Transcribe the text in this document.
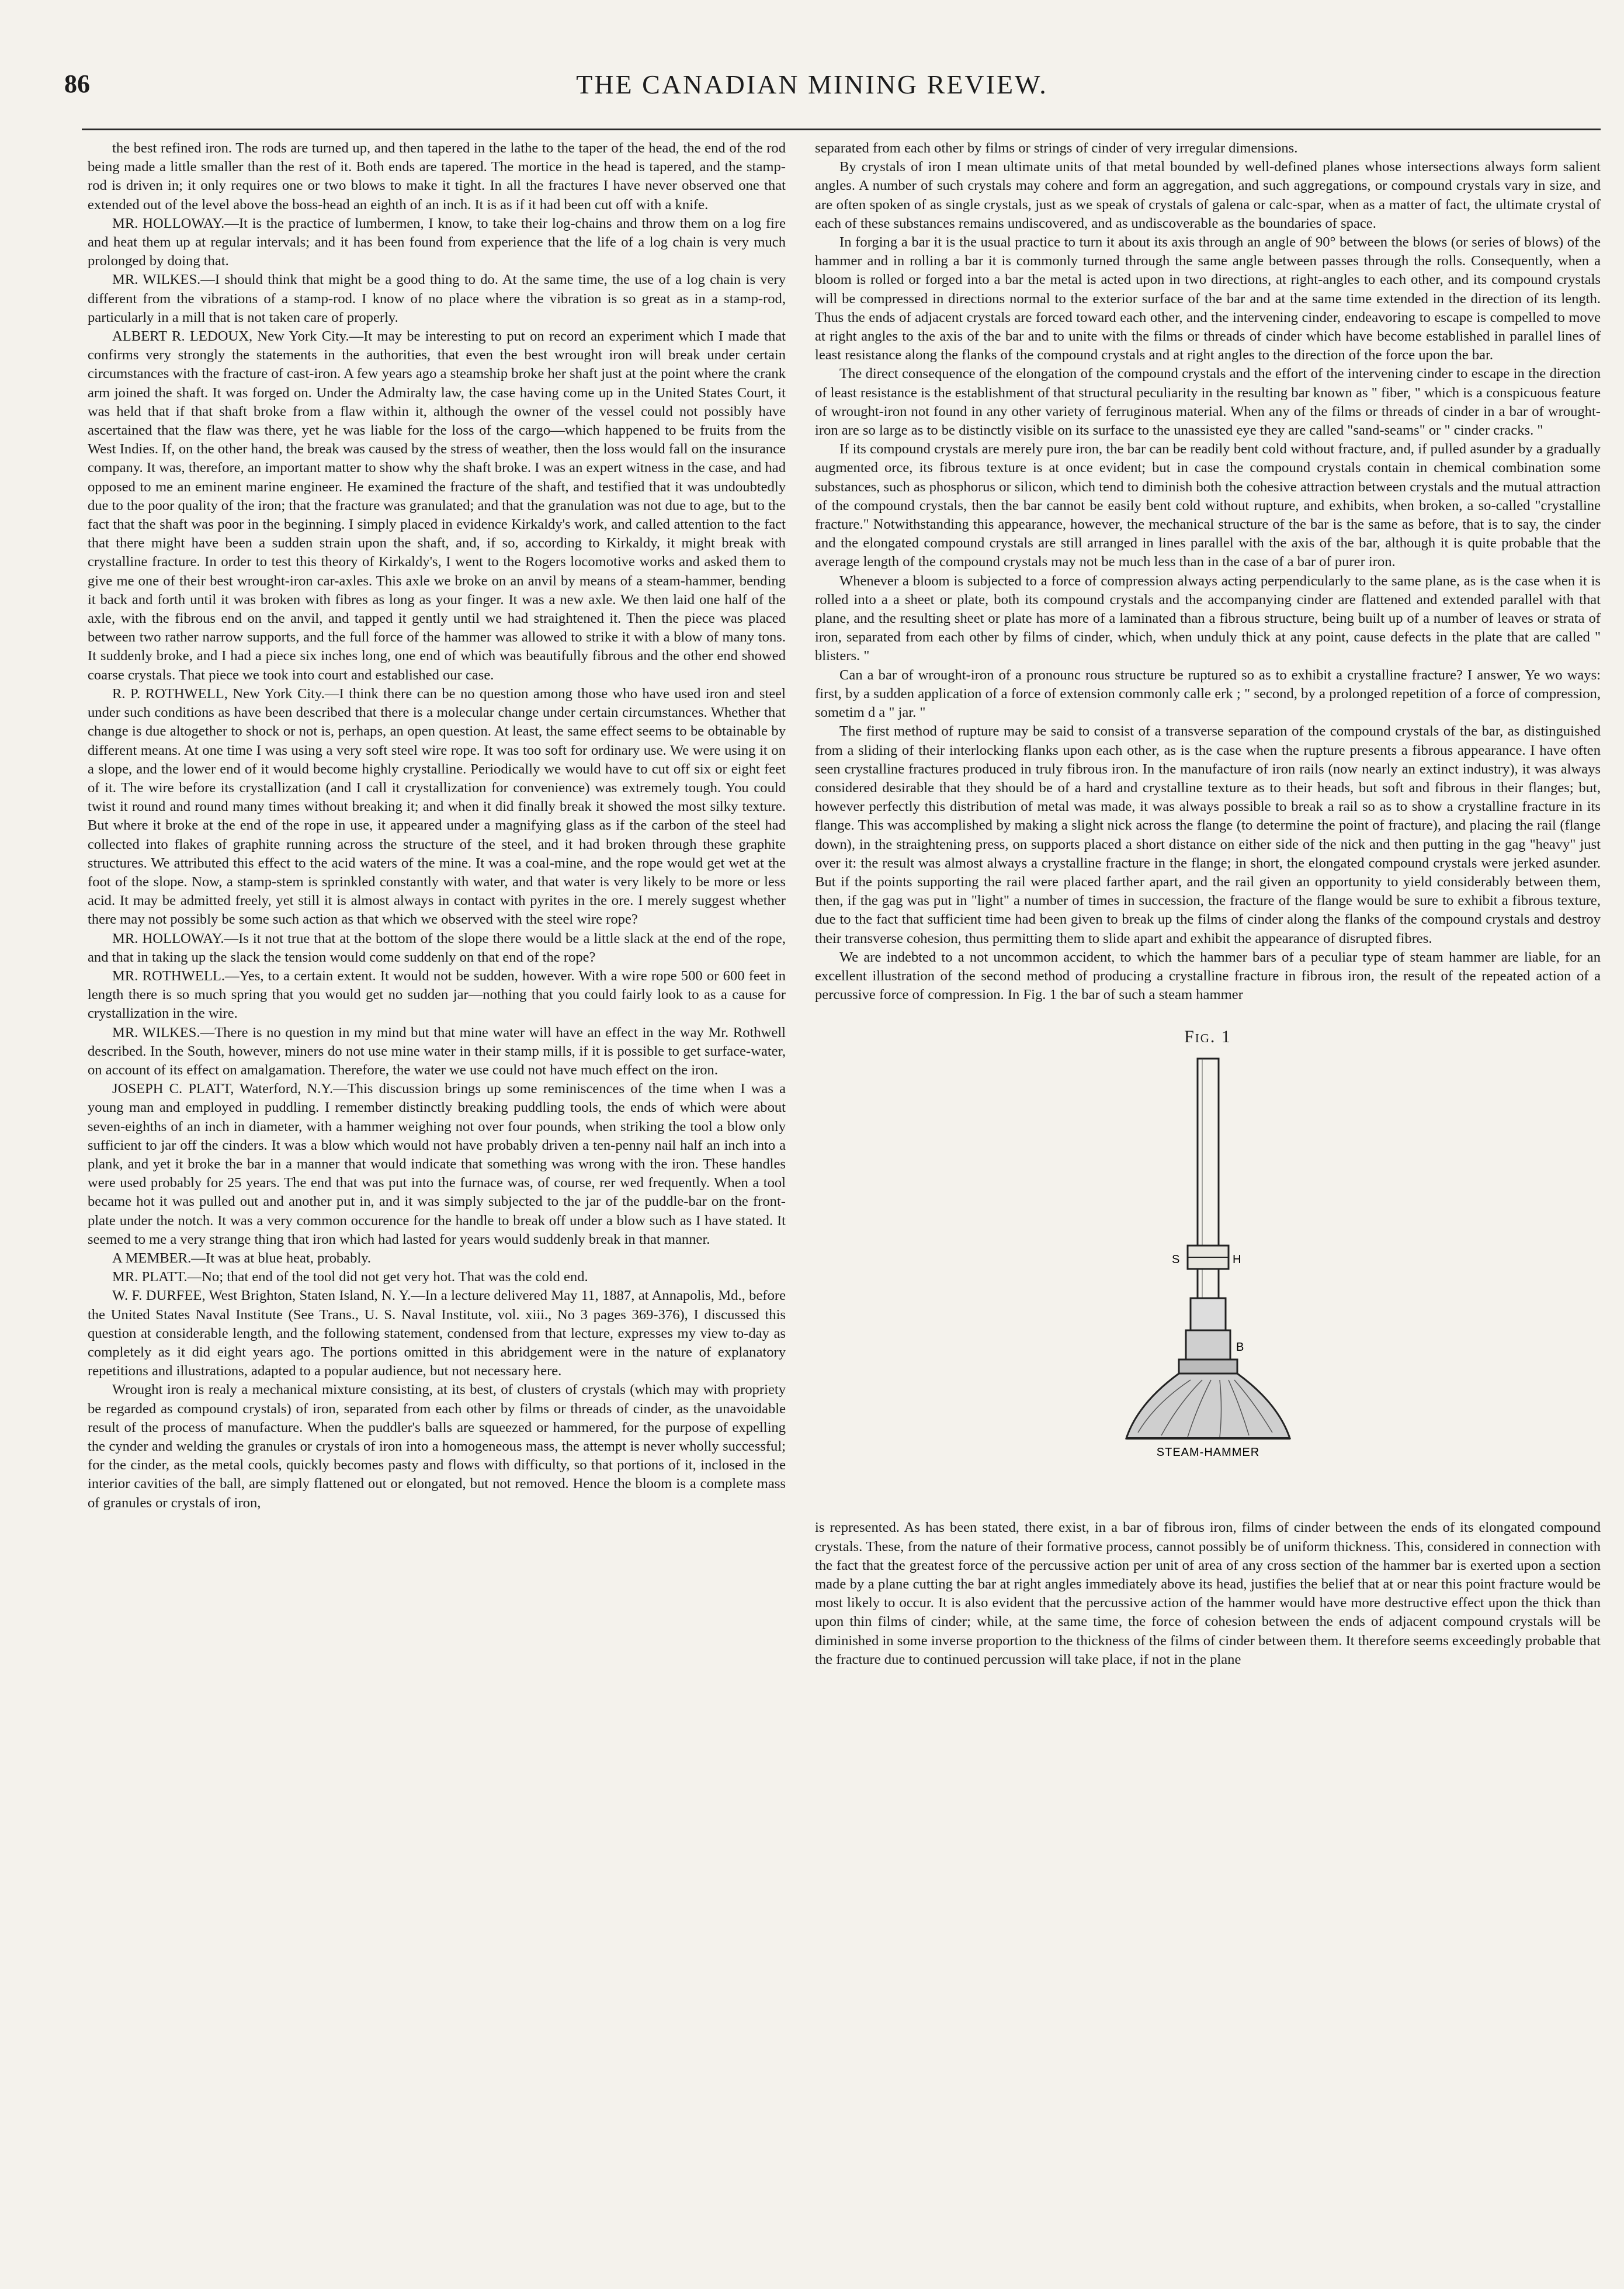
86	THE CANADIAN MINING REVIEW.

the best refined iron. The rods are turned up, and then tapered in the lathe to the taper of the head, the end of the rod being made a little smaller than the rest of it. Both ends are tapered. The mortice in the head is tapered, and the stamp-rod is driven in; it only requires one or two blows to make it tight. In all the fractures I have never observed one that extended out of the level above the boss-head an eighth of an inch. It is as if it had been cut off with a knife.

MR. HOLLOWAY.—It is the practice of lumbermen, I know, to take their log-chains and throw them on a log fire and heat them up at regular intervals; and it has been found from experience that the life of a log chain is very much prolonged by doing that.

MR. WILKES.—I should think that might be a good thing to do. At the same time, the use of a log chain is very different from the vibrations of a stamp-rod. I know of no place where the vibration is so great as in a stamp-rod, particularly in a mill that is not taken care of properly.

ALBERT R. LEDOUX, New York City.—It may be interesting to put on record an experiment which I made that confirms very strongly the statements in the authorities, that even the best wrought iron will break under certain circumstances with the fracture of cast-iron. A few years ago a steamship broke her shaft just at the point where the crank arm joined the shaft. It was forged on. Under the Admiralty law, the case having come up in the United States Court, it was held that if that shaft broke from a flaw within it, although the owner of the vessel could not possibly have ascertained that the flaw was there, yet he was liable for the loss of the cargo—which happened to be fruits from the West Indies. If, on the other hand, the break was caused by the stress of weather, then the loss would fall on the insurance company. It was, therefore, an important matter to show why the shaft broke. I was an expert witness in the case, and had opposed to me an eminent marine engineer. He examined the fracture of the shaft, and testified that it was undoubtedly due to the poor quality of the iron; that the fracture was granulated; and that the granulation was not due to age, but to the fact that the shaft was poor in the beginning. I simply placed in evidence Kirkaldy's work, and called attention to the fact that there might have been a sudden strain upon the shaft, and, if so, according to Kirkaldy, it might break with crystalline fracture. In order to test this theory of Kirkaldy's, I went to the Rogers locomotive works and asked them to give me one of their best wrought-iron car-axles. This axle we broke on an anvil by means of a steam-hammer, bending it back and forth until it was broken with fibres as long as your finger. It was a new axle. We then laid one half of the axle, with the fibrous end on the anvil, and tapped it gently until we had straightened it. Then the piece was placed between two rather narrow supports, and the full force of the hammer was allowed to strike it with a blow of many tons. It suddenly broke, and I had a piece six inches long, one end of which was beautifully fibrous and the other end showed coarse crystals. That piece we took into court and established our case.

R. P. ROTHWELL, New York City.—I think there can be no question among those who have used iron and steel under such conditions as have been described that there is a molecular change under certain circumstances. Whether that change is due altogether to shock or not is, perhaps, an open question. At least, the same effect seems to be obtainable by different means. At one time I was using a very soft steel wire rope. It was too soft for ordinary use. We were using it on a slope, and the lower end of it would become highly crystalline. Periodically we would have to cut off six or eight feet of it. The wire before its crystallization (and I call it crystallization for convenience) was extremely tough. You could twist it round and round many times without breaking it; and when it did finally break it showed the most silky texture. But where it broke at the end of the rope in use, it appeared under a magnifying glass as if the carbon of the steel had collected into flakes of graphite running across the structure of the steel, and it had broken through these graphite structures. We attributed this effect to the acid waters of the mine. It was a coal-mine, and the rope would get wet at the foot of the slope. Now, a stamp-stem is sprinkled constantly with water, and that water is very likely to be more or less acid. It may be admitted freely, yet still it is almost always in contact with pyrites in the ore. I merely suggest whether there may not possibly be some such action as that which we observed with the steel wire rope?

MR. HOLLOWAY.—Is it not true that at the bottom of the slope there would be a little slack at the end of the rope, and that in taking up the slack the tension would come suddenly on that end of the rope?

MR. ROTHWELL.—Yes, to a certain extent. It would not be sudden, however. With a wire rope 500 or 600 feet in length there is so much spring that you would get no sudden jar—nothing that you could fairly look to as a cause for crystallization in the wire.

MR. WILKES.—There is no question in my mind but that mine water will have an effect in the way Mr. Rothwell described. In the South, however, miners do not use mine water in their stamp mills, if it is possible to get surface-water, on account of its effect on amalgamation. Therefore, the water we use could not have much effect on the iron.

JOSEPH C. PLATT, Waterford, N.Y.—This discussion brings up some reminiscences of the time when I was a young man and employed in puddling. I remember distinctly breaking puddling tools, the ends of which were about seven-eighths of an inch in diameter, with a hammer weighing not over four pounds, when striking the tool a blow only sufficient to jar off the cinders. It was a blow which would not have probably driven a ten-penny nail half an inch into a plank, and yet it broke the bar in a manner that would indicate that something was wrong with the iron. These handles were used probably for 25 years. The end that was put into the furnace was, of course, rer wed frequently. When a tool became hot it was pulled out and another put in, and it was simply subjected to the jar of the puddle-bar on the front-plate under the notch. It was a very common occurence for the handle to break off under a blow such as I have stated. It seemed to me a very strange thing that iron which had lasted for years would suddenly break in that manner.

A MEMBER.—It was at blue heat, probably.

MR. PLATT.—No; that end of the tool did not get very hot. That was the cold end.

W. F. DURFEE, West Brighton, Staten Island, N. Y.—In a lecture delivered May 11, 1887, at Annapolis, Md., before the United States Naval Institute (See Trans., U. S. Naval Institute, vol. xiii., No 3 pages 369-376), I discussed this question at considerable length, and the following statement, condensed from that lecture, expresses my view to-day as completely as it did eight years ago. The portions omitted in this abridgement were in the nature of explanatory repetitions and illustrations, adapted to a popular audience, but not necessary here.

Wrought iron is realy a mechanical mixture consisting, at its best, of clusters of crystals (which may with propriety be regarded as compound crystals) of iron, separated from each other by films or threads of cinder, as the unavoidable result of the process of manufacture. When the puddler's balls are squeezed or hammered, for the purpose of expelling the cynder and welding the granules or crystals of iron into a homogeneous mass, the attempt is never wholly successful; for the cinder, as the metal cools, quickly becomes pasty and flows with difficulty, so that portions of it, inclosed in the interior cavities of the ball, are simply flattened out or elongated, but not removed. Hence the bloom is a complete mass of granules or crystals of iron,

separated from each other by films or strings of cinder of very irregular dimensions.

By crystals of iron I mean ultimate units of that metal bounded by well-defined planes whose intersections always form salient angles. A number of such crystals may cohere and form an aggregation, and such aggregations, or compound crystals vary in size, and are often spoken of as single crystals, just as we speak of crystals of galena or calc-spar, when as a matter of fact, the ultimate crystal of each of these substances remains undiscovered, and as undiscoverable as the boundaries of space.

In forging a bar it is the usual practice to turn it about its axis through an angle of 90° between the blows (or series of blows) of the hammer and in rolling a bar it is commonly turned through the same angle between passes through the rolls. Consequently, when a bloom is rolled or forged into a bar the metal is acted upon in two directions, at right-angles to each other, and its compound crystals will be compressed in directions normal to the exterior surface of the bar and at the same time extended in the direction of its length. Thus the ends of adjacent crystals are forced toward each other, and the intervening cinder, endeavoring to escape is compelled to move at right angles to the axis of the bar and to unite with the films or threads of cinder which have become established in parallel lines of least resistance along the flanks of the compound crystals and at right angles to the direction of the force upon the bar.

The direct consequence of the elongation of the compound crystals and the effort of the intervening cinder to escape in the direction of least resistance is the establishment of that structural peculiarity in the resulting bar known as " fiber, " which is a conspicuous feature of wrought-iron not found in any other variety of ferruginous material. When any of the films or threads of cinder in a bar of wrought-iron are so large as to be distinctly visible on its surface to the unassisted eye they are called "sand-seams" or " cinder cracks. "

If its compound crystals are merely pure iron, the bar can be readily bent cold without fracture, and, if pulled asunder by a gradually augmented orce, its fibrous texture is at once evident; but in case the compound crystals contain in chemical combination some substances, such as phosphorus or silicon, which tend to diminish both the cohesive attraction between crystals and the mutual attraction of the compound crystals, then the bar cannot be easily bent cold without rupture, and exhibits, when broken, a so-called "crystalline fracture." Notwithstanding this appearance, however, the mechanical structure of the bar is the same as before, that is to say, the cinder and the elongated compound crystals are still arranged in lines parallel with the axis of the bar, although it is quite probable that the average length of the compound crystals may not be much less than in the case of a bar of purer iron.

Whenever a bloom is subjected to a force of compression always acting perpendicularly to the same plane, as is the case when it is rolled into a a sheet or plate, both its compound crystals and the accompanying cinder are flattened and extended parallel with that plane, and the resulting sheet or plate has more of a laminated than a fibrous structure, being built up of a number of leaves or strata of iron, separated from each other by films of cinder, which, when unduly thick at any point, cause defects in the plate that are called " blisters. "

Can a bar of wrought-iron of a pronounc rous structure be ruptured so as to exhibit a crystalline fracture? I answer, Ye wo ways: first, by a sudden application of a force of extension commonly calle erk ; " second, by a prolonged repetition of a force of compression, sometim d a " jar. "

The first method of rupture may be said to consist of a transverse separation of the compound crystals of the bar, as distinguished from a sliding of their interlocking flanks upon each other, as is the case when the rupture presents a fibrous appearance. I have often seen crystalline fractures produced in truly fibrous iron. In the manufacture of iron rails (now nearly an extinct industry), it was always considered desirable that they should be of a hard and crystalline texture as to their heads, but soft and fibrous in their flanges; but, however perfectly this distribution of metal was made, it was always possible to break a rail so as to show a crystalline fracture in its flange. This was accomplished by making a slight nick across the flange (to determine the point of fracture), and placing the rail (flange down), in the straightening press, on supports placed a short distance on either side of the nick and then putting in the gag "heavy" just over it: the result was almost always a crystalline fracture in the flange; in short, the elongated compound crystals were jerked asunder. But if the points supporting the rail were placed farther apart, and the rail given an opportunity to yield considerably between them, then, if the gag was put in "light" a number of times in succession, the fracture of the flange would be sure to exhibit a fibrous texture, due to the fact that sufficient time had been given to break up the films of cinder along the flanks of the compound crystals and destroy their transverse cohesion, thus permitting them to slide apart and exhibit the appearance of disrupted fibres.

We are indebted to a not uncommon accident, to which the hammer bars of a peculiar type of steam hammer are liable, for an excellent illustration of the second method of producing a crystalline fracture in fibrous iron, the result of the repeated action of a percussive force of compression. In Fig. 1 the bar of such a steam hammer

Fig. 1
S	H
B
STEAM-HAMMER

is represented. As has been stated, there exist, in a bar of fibrous iron, films of cinder between the ends of its elongated compound crystals. These, from the nature of their formative process, cannot possibly be of uniform thickness. This, considered in connection with the fact that the greatest force of the percussive action per unit of area of any cross section of the hammer bar is exerted upon a section made by a plane cutting the bar at right angles immediately above its head, justifies the belief that at or near this point fracture would be most likely to occur. It is also evident that the percussive action of the hammer would have more destructive effect upon the thick than upon thin films of cinder; while, at the same time, the force of cohesion between the ends of adjacent compound crystals will be diminished in some inverse proportion to the thickness of the films of cinder between them. It therefore seems exceedingly probable that the fracture due to continued percussion will take place, if not in the plane
